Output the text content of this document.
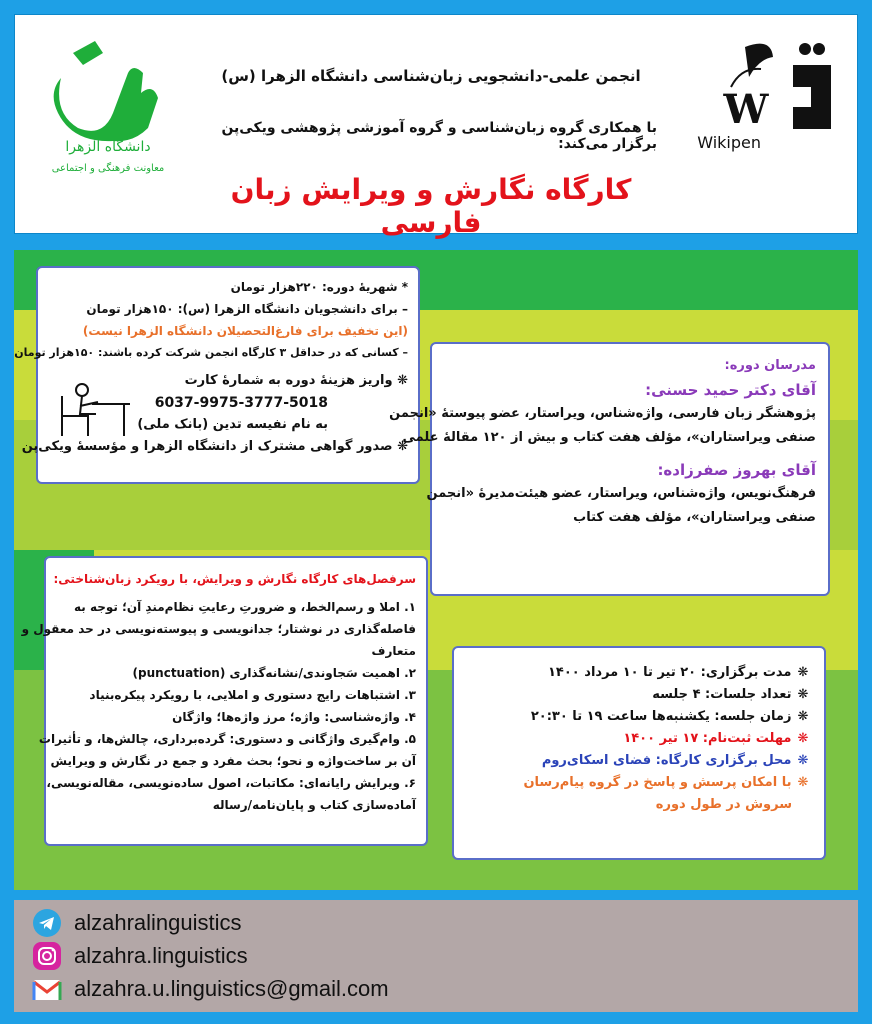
دانشگاه الزهرا
معاونت فرهنگی و اجتماعی
انجمن علمی-دانشجویی زبان‌شناسی دانشگاه الزهرا (س)
با همکاری گروه زبان‌شناسی و گروه آموزشی پژوهشی ویکی‌پن برگزار می‌کند:
کارگاه نگارش و ویرایش زبان فارسی
W
Wikipen
* شهریهٔ دوره: ۲۲۰هزار تومان
– برای دانشجویان دانشگاه الزهرا (س): ۱۵۰هزار تومان
(این تخفیف برای فارغ‌التحصیلان دانشگاه الزهرا نیست)
– کسانی که در حداقل ۳ کارگاه انجمن شرکت کرده باشند: ۱۵۰هزار تومان
❋ واریز هزینهٔ دوره به شمارهٔ کارت
6037-9975-3777-5018
به نام نفیسه تدین (بانک ملی)
❋ صدور گواهی مشترک از دانشگاه الزهرا و مؤسسهٔ ویکی‌پن
مدرسان دوره:
آقای دکتر حمید حسنی:
پژوهشگر زبان فارسی، واژه‌شناس، ویراستار، عضو پیوستهٔ «انجمن
صنفی ویراستاران»، مؤلف هفت کتاب و بیش از ۱۲۰ مقالهٔ علمی
آقای بهروز صفرزاده:
فرهنگ‌نویس، واژه‌شناس، ویراستار، عضو هیئت‌مدیرهٔ «انجمن
صنفی ویراستاران»، مؤلف هفت کتاب
سرفصل‌های کارگاه نگارش و ویرایش، با رویکرد زبان‌شناختی:
۱. املا و رسم‌الخط، و ضرورتِ رعایتِ نظام‌مندِ آن؛ توجه به
فاصله‌گذاری در نوشتار؛ جدانویسی و پیوسته‌نویسی در حد معقول و
متعارف
۲. اهمیت سَجاوندی/نشانه‌گذاری (punctuation)
۳. اشتباهات رایج دستوری و املایی، با رویکرد پیکره‌بنیاد
۴. واژه‌شناسی: واژه؛ مرز واژه‌ها؛ واژگان
۵. وام‌گیری واژگانی و دستوری: گرده‌برداری، چالش‌ها، و تأثیرات
آن بر ساخت‌واژه و نحو؛ بحث مفرد و جمع در نگارش و ویرایش
۶. ویرایش رایانه‌ای: مکاتبات، اصول ساده‌نویسی، مقاله‌نویسی،
آماده‌سازی کتاب و پایان‌نامه/رساله
❋ مدت برگزاری: ۲۰ تیر تا ۱۰ مرداد ۱۴۰۰
❋ تعداد جلسات: ۴ جلسه
❋ زمان جلسه: یکشنبه‌ها ساعت ۱۹ تا ۲۰:۳۰
❋ مهلت ثبت‌نام: ۱۷ تیر ۱۴۰۰
❋ محل برگزاری کارگاه: فضای اسکای‌روم
❋ با امکان پرسش و پاسخ در گروه پیام‌رسان
سروش در طول دوره
alzahralinguistics
alzahra.linguistics
alzahra.u.linguistics@gmail.com
